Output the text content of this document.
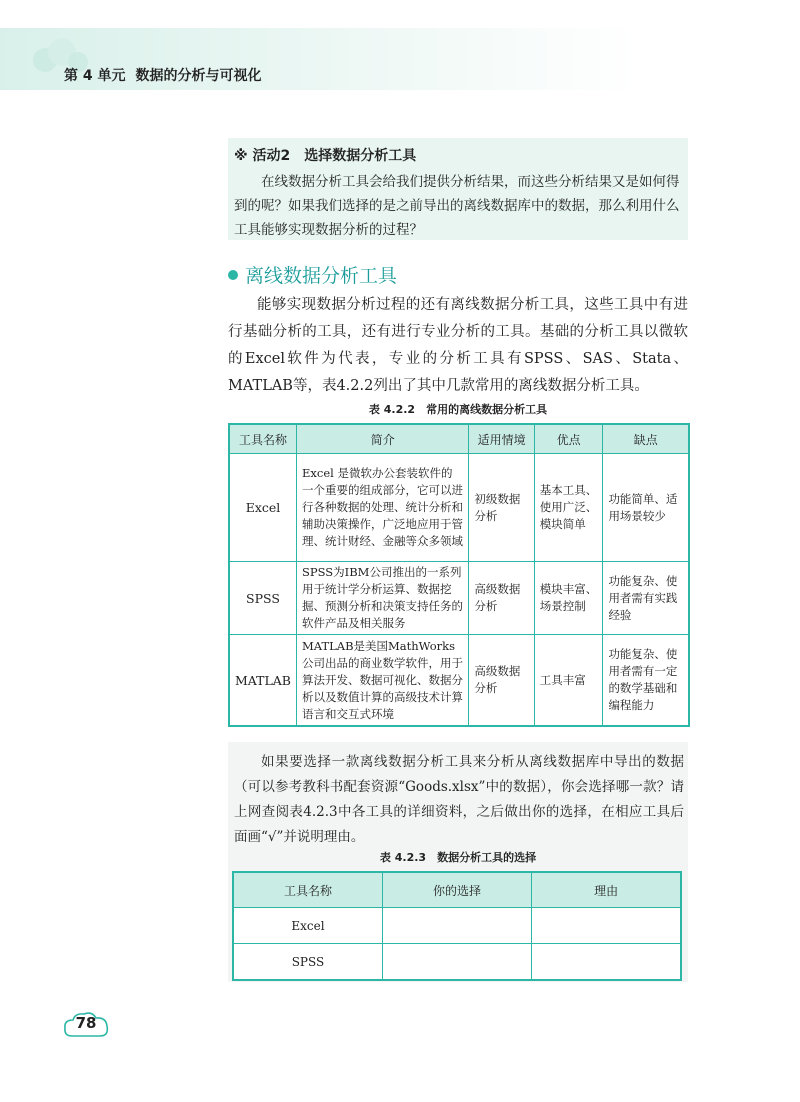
第 4 单元 数据的分析与可视化
※ 活动2　选择数据分析工具
在线数据分析工具会给我们提供分析结果，而这些分析结果又是如何得到的呢？如果我们选择的是之前导出的离线数据库中的数据，那么利用什么工具能够实现数据分析的过程？
离线数据分析工具
能够实现数据分析过程的还有离线数据分析工具，这些工具中有进行基础分析的工具，还有进行专业分析的工具。基础的分析工具以微软的Excel软件为代表，专业的分析工具有SPSS、SAS、Stata、MATLAB等，表4.2.2列出了其中几款常用的离线数据分析工具。
表 4.2.2　常用的离线数据分析工具
工具名称	简介	适用情境	优点	缺点
Excel	Excel 是微软办公套装软件的一个重要的组成部分，它可以进行各种数据的处理、统计分析和辅助决策操作，广泛地应用于管理、统计财经、金融等众多领域	初级数据分析	基本工具、使用广泛、模块简单	功能简单、适用场景较少
SPSS	SPSS为IBM公司推出的一系列用于统计学分析运算、数据挖掘、预测分析和决策支持任务的软件产品及相关服务	高级数据分析	模块丰富、场景控制	功能复杂、使用者需有实践经验
MATLAB	MATLAB是美国MathWorks公司出品的商业数学软件，用于算法开发、数据可视化、数据分析以及数值计算的高级技术计算语言和交互式环境	高级数据分析	工具丰富	功能复杂、使用者需有一定的数学基础和编程能力
如果要选择一款离线数据分析工具来分析从离线数据库中导出的数据（可以参考教科书配套资源“Goods.xlsx”中的数据），你会选择哪一款？请上网查阅表4.2.3中各工具的详细资料，之后做出你的选择，在相应工具后面画“√”并说明理由。
表 4.2.3　数据分析工具的选择
工具名称	你的选择	理由
Excel		
SPSS		
78
